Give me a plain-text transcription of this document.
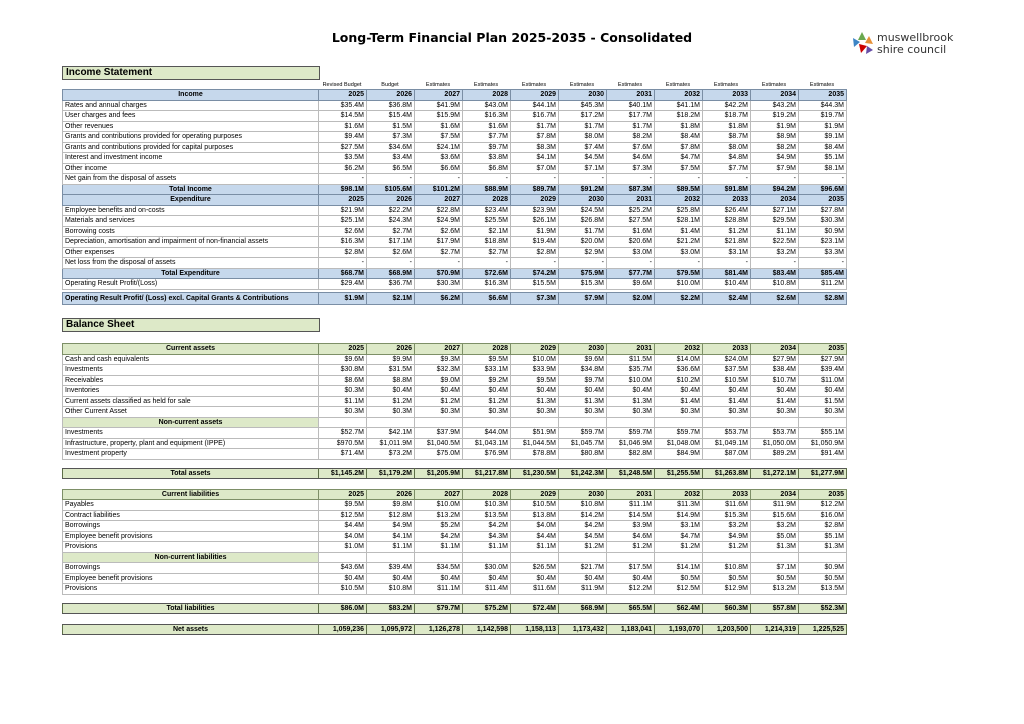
Long-Term Financial Plan 2025-2035 - Consolidated	muswellbrook
shire council
Income Statement
Revised Budget	Budget	Estimates	Estimates	Estimates	Estimates	Estimates	Estimates	Estimates	Estimates	Estimates
Income	2025	2026	2027	2028	2029	2030	2031	2032	2033	2034	2035
Rates and annual charges	$35.4M	$36.8M	$41.9M	$43.0M	$44.1M	$45.3M	$40.1M	$41.1M	$42.2M	$43.2M	$44.3M
User charges and fees	$14.5M	$15.4M	$15.9M	$16.3M	$16.7M	$17.2M	$17.7M	$18.2M	$18.7M	$19.2M	$19.7M
Other revenues	$1.6M	$1.5M	$1.6M	$1.6M	$1.7M	$1.7M	$1.7M	$1.8M	$1.8M	$1.9M	$1.9M
Grants and contributions provided for operating purposes	$9.4M	$7.3M	$7.5M	$7.7M	$7.8M	$8.0M	$8.2M	$8.4M	$8.7M	$8.9M	$9.1M
Grants and contributions provided for capital purposes	$27.5M	$34.6M	$24.1M	$9.7M	$8.3M	$7.4M	$7.6M	$7.8M	$8.0M	$8.2M	$8.4M
Interest and investment income	$3.5M	$3.4M	$3.6M	$3.8M	$4.1M	$4.5M	$4.6M	$4.7M	$4.8M	$4.9M	$5.1M
Other income	$6.2M	$6.5M	$6.6M	$6.8M	$7.0M	$7.1M	$7.3M	$7.5M	$7.7M	$7.9M	$8.1M
Net gain from the disposal of assets	-	-	-	-	-	-	-	-	-	-	-
Total Income	$98.1M	$105.6M	$101.2M	$88.9M	$89.7M	$91.2M	$87.3M	$89.5M	$91.8M	$94.2M	$96.6M
Expenditure	2025	2026	2027	2028	2029	2030	2031	2032	2033	2034	2035
Employee benefits and on-costs	$21.9M	$22.2M	$22.8M	$23.4M	$23.9M	$24.5M	$25.2M	$25.8M	$26.4M	$27.1M	$27.8M
Materials and services	$25.1M	$24.3M	$24.9M	$25.5M	$26.1M	$26.8M	$27.5M	$28.1M	$28.8M	$29.5M	$30.3M
Borrowing costs	$2.6M	$2.7M	$2.6M	$2.1M	$1.9M	$1.7M	$1.6M	$1.4M	$1.2M	$1.1M	$0.9M
Depreciation, amortisation and impairment of non-financial assets	$16.3M	$17.1M	$17.9M	$18.8M	$19.4M	$20.0M	$20.6M	$21.2M	$21.8M	$22.5M	$23.1M
Other expenses	$2.8M	$2.6M	$2.7M	$2.7M	$2.8M	$2.9M	$3.0M	$3.0M	$3.1M	$3.2M	$3.3M
Net loss from the disposal of assets	-	-	-	-	-	-	-	-	-	-	-
Total Expenditure	$68.7M	$68.9M	$70.9M	$72.6M	$74.2M	$75.9M	$77.7M	$79.5M	$81.4M	$83.4M	$85.4M
Operating Result Profit/(Loss)	$29.4M	$36.7M	$30.3M	$16.3M	$15.5M	$15.3M	$9.6M	$10.0M	$10.4M	$10.8M	$11.2M

Operating Result Profit/ (Loss) excl. Capital Grants & Contributions	$1.9M	$2.1M	$6.2M	$6.6M	$7.3M	$7.9M	$2.0M	$2.2M	$2.4M	$2.6M	$2.8M
Balance Sheet
Current assets	2025	2026	2027	2028	2029	2030	2031	2032	2033	2034	2035
Cash and cash equivalents	$9.6M	$9.9M	$9.3M	$9.5M	$10.0M	$9.6M	$11.5M	$14.0M	$24.0M	$27.9M	$27.9M
Investments	$30.8M	$31.5M	$32.3M	$33.1M	$33.9M	$34.8M	$35.7M	$36.6M	$37.5M	$38.4M	$39.4M
Receivables	$8.6M	$8.8M	$9.0M	$9.2M	$9.5M	$9.7M	$10.0M	$10.2M	$10.5M	$10.7M	$11.0M
Inventories	$0.3M	$0.4M	$0.4M	$0.4M	$0.4M	$0.4M	$0.4M	$0.4M	$0.4M	$0.4M	$0.4M
Current assets classified as held for sale	$1.1M	$1.2M	$1.2M	$1.2M	$1.3M	$1.3M	$1.3M	$1.4M	$1.4M	$1.4M	$1.5M
Other Current Asset	$0.3M	$0.3M	$0.3M	$0.3M	$0.3M	$0.3M	$0.3M	$0.3M	$0.3M	$0.3M	$0.3M
Non-current assets											
Investments	$52.7M	$42.1M	$37.9M	$44.0M	$51.9M	$59.7M	$59.7M	$59.7M	$53.7M	$53.7M	$55.1M
Infrastructure, property, plant and equipment (IPPE)	$970.5M	$1,011.9M	$1,040.5M	$1,043.1M	$1,044.5M	$1,045.7M	$1,046.9M	$1,048.0M	$1,049.1M	$1,050.0M	$1,050.9M
Investment property	$71.4M	$73.2M	$75.0M	$76.9M	$78.8M	$80.8M	$82.8M	$84.9M	$87.0M	$89.2M	$91.4M

Total assets	$1,145.2M	$1,179.2M	$1,205.9M	$1,217.8M	$1,230.5M	$1,242.3M	$1,248.5M	$1,255.5M	$1,263.8M	$1,272.1M	$1,277.9M

Current liabilities	2025	2026	2027	2028	2029	2030	2031	2032	2033	2034	2035
Payables	$9.5M	$9.8M	$10.0M	$10.3M	$10.5M	$10.8M	$11.1M	$11.3M	$11.6M	$11.9M	$12.2M
Contract liabilities	$12.5M	$12.8M	$13.2M	$13.5M	$13.8M	$14.2M	$14.5M	$14.9M	$15.3M	$15.6M	$16.0M
Borrowings	$4.4M	$4.9M	$5.2M	$4.2M	$4.0M	$4.2M	$3.9M	$3.1M	$3.2M	$3.2M	$2.8M
Employee benefit provisions	$4.0M	$4.1M	$4.2M	$4.3M	$4.4M	$4.5M	$4.6M	$4.7M	$4.9M	$5.0M	$5.1M
Provisions	$1.0M	$1.1M	$1.1M	$1.1M	$1.1M	$1.2M	$1.2M	$1.2M	$1.2M	$1.3M	$1.3M
Non-current liabilities											
Borrowings	$43.6M	$39.4M	$34.5M	$30.0M	$26.5M	$21.7M	$17.5M	$14.1M	$10.8M	$7.1M	$0.9M
Employee benefit provisions	$0.4M	$0.4M	$0.4M	$0.4M	$0.4M	$0.4M	$0.4M	$0.5M	$0.5M	$0.5M	$0.5M
Provisions	$10.5M	$10.8M	$11.1M	$11.4M	$11.6M	$11.9M	$12.2M	$12.5M	$12.9M	$13.2M	$13.5M

Total liabilities	$86.0M	$83.2M	$79.7M	$75.2M	$72.4M	$68.9M	$65.5M	$62.4M	$60.3M	$57.8M	$52.3M

Net assets	1,059,236	1,095,972	1,126,278	1,142,598	1,158,113	1,173,432	1,183,041	1,193,070	1,203,500	1,214,319	1,225,525
